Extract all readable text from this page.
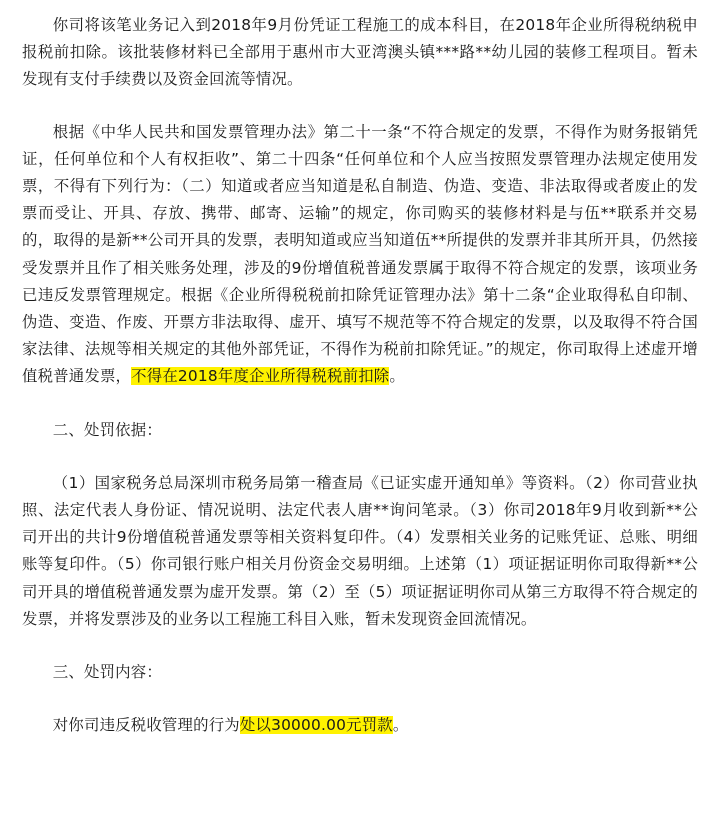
你司将该笔业务记入到2018年9月份凭证工程施工的成本科目，在2018年企业所得税纳税申报税前扣除。该批装修材料已全部用于惠州市大亚湾澳头镇***路**幼儿园的装修工程项目。暂未发现有支付手续费以及资金回流等情况。

根据《中华人民共和国发票管理办法》第二十一条“不符合规定的发票，不得作为财务报销凭证，任何单位和个人有权拒收”、第二十四条“任何单位和个人应当按照发票管理办法规定使用发票，不得有下列行为：（二）知道或者应当知道是私自制造、伪造、变造、非法取得或者废止的发票而受让、开具、存放、携带、邮寄、运输”的规定，你司购买的装修材料是与伍**联系并交易的，取得的是新**公司开具的发票，表明知道或应当知道伍**所提供的发票并非其所开具，仍然接受发票并且作了相关账务处理，涉及的9份增值税普通发票属于取得不符合规定的发票，该项业务已违反发票管理规定。根据《企业所得税税前扣除凭证管理办法》第十二条“企业取得私自印制、伪造、变造、作废、开票方非法取得、虚开、填写不规范等不符合规定的发票，以及取得不符合国家法律、法规等相关规定的其他外部凭证，不得作为税前扣除凭证。”的规定，你司取得上述虚开增值税普通发票，不得在2018年度企业所得税税前扣除。

二、处罚依据：

（1）国家税务总局深圳市税务局第一稽查局《已证实虚开通知单》等资料。（2）你司营业执照、法定代表人身份证、情况说明、法定代表人唐**询问笔录。（3）你司2018年9月收到新**公司开出的共计9份增值税普通发票等相关资料复印件。（4）发票相关业务的记账凭证、总账、明细账等复印件。（5）你司银行账户相关月份资金交易明细。上述第（1）项证据证明你司取得新**公司开具的增值税普通发票为虚开发票。第（2）至（5）项证据证明你司从第三方取得不符合规定的发票，并将发票涉及的业务以工程施工科目入账，暂未发现资金回流情况。

三、处罚内容：

对你司违反税收管理的行为处以30000.00元罚款。
